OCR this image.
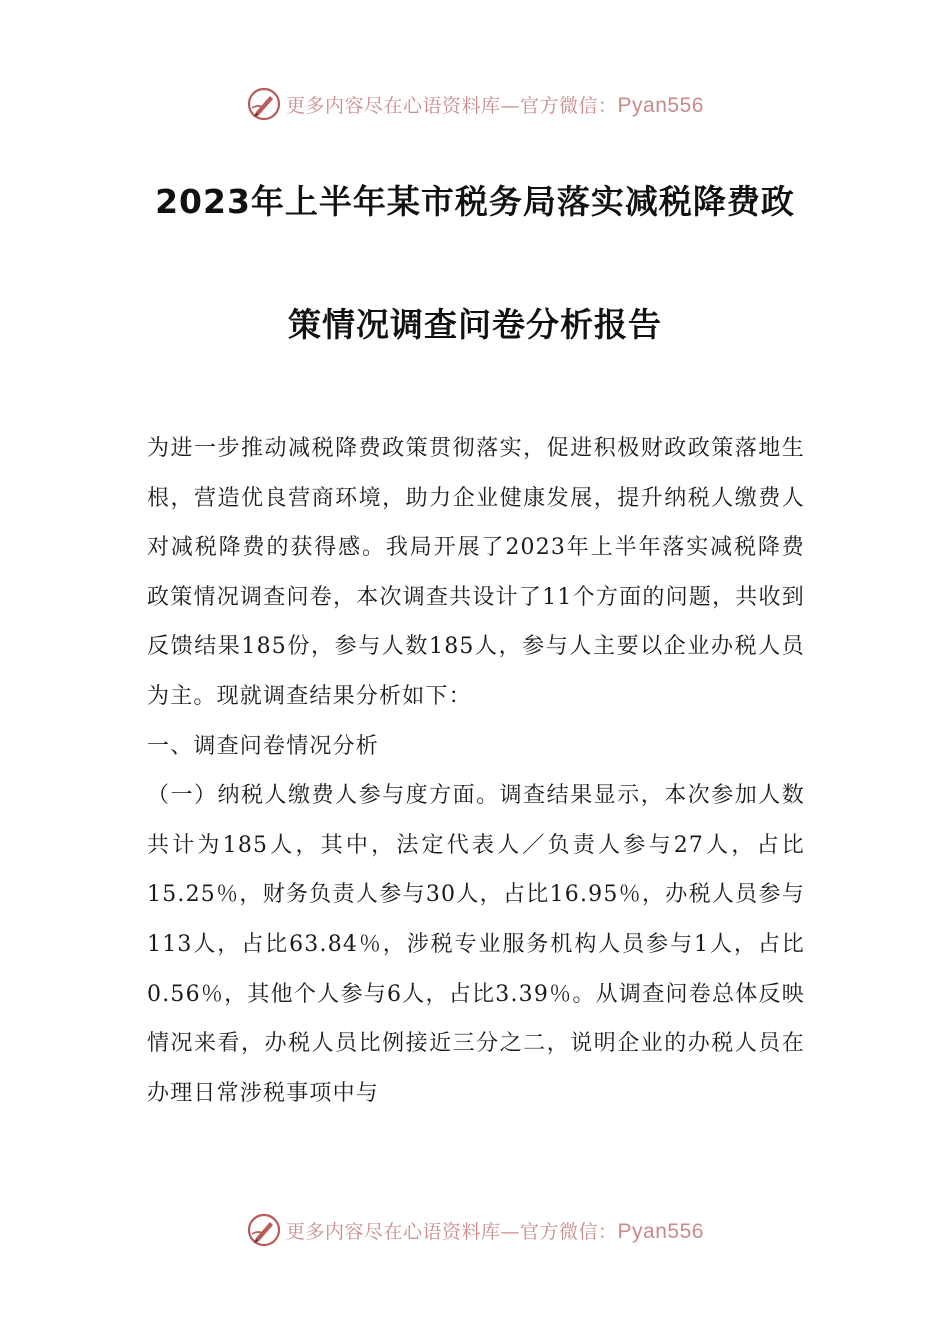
更多内容尽在心语资料库—官方微信：Pyan556
2023年上半年某市税务局落实减税降费政
策情况调查问卷分析报告

为进一步推动减税降费政策贯彻落实，促进积极财政政策落地生根，营造优良营商环境，助力企业健康发展，提升纳税人缴费人对减税降费的获得感。我局开展了2023年上半年落实减税降费政策情况调查问卷，本次调查共设计了11个方面的问题，共收到反馈结果185份，参与人数185人，参与人主要以企业办税人员为主。现就调查结果分析如下：

一、调查问卷情况分析

（一）纳税人缴费人参与度方面。调查结果显示，本次参加人数共计为185人，其中，法定代表人／负责人参与27人，占比15.25％，财务负责人参与30人，占比16.95％，办税人员参与113人，占比63.84％，涉税专业服务机构人员参与1人，占比0.56％，其他个人参与6人，占比3.39％。从调查问卷总体反映情况来看，办税人员比例接近三分之二，说明企业的办税人员在办理日常涉税事项中与

更多内容尽在心语资料库—官方微信：Pyan556
